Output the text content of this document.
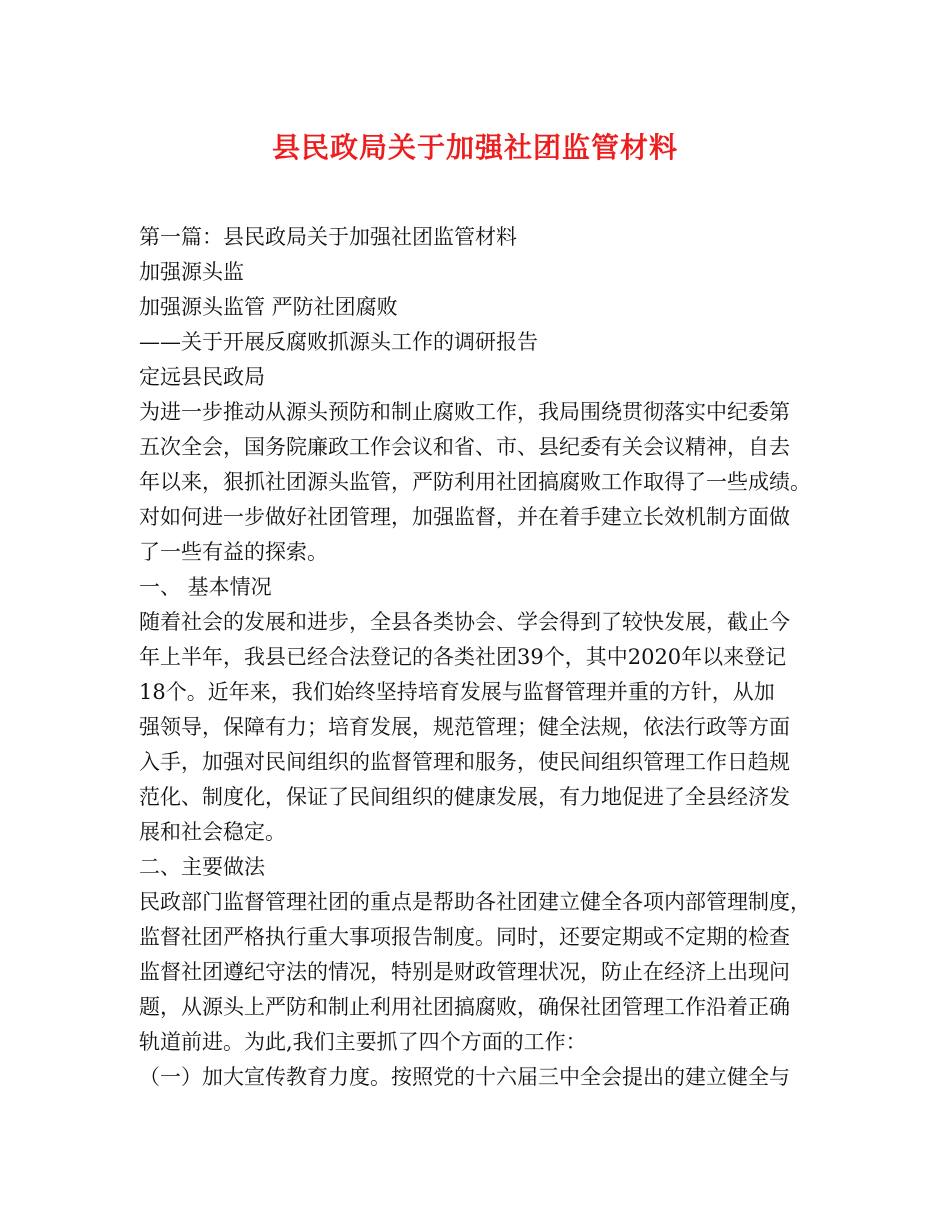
县民政局关于加强社团监管材料
第一篇：县民政局关于加强社团监管材料
加强源头监
加强源头监管 严防社团腐败
——关于开展反腐败抓源头工作的调研报告
定远县民政局
为进一步推动从源头预防和制止腐败工作，我局围绕贯彻落实中纪委第
五次全会，国务院廉政工作会议和省、市、县纪委有关会议精神，自去
年以来，狠抓社团源头监管，严防利用社团搞腐败工作取得了一些成绩。
对如何进一步做好社团管理，加强监督，并在着手建立长效机制方面做
了一些有益的探索。
一、 基本情况
随着社会的发展和进步，全县各类协会、学会得到了较快发展，截止今
年上半年，我县已经合法登记的各类社团39个，其中2020年以来登记
18个。近年来，我们始终坚持培育发展与监督管理并重的方针，从加
强领导，保障有力；培育发展，规范管理；健全法规，依法行政等方面
入手，加强对民间组织的监督管理和服务，使民间组织管理工作日趋规
范化、制度化，保证了民间组织的健康发展，有力地促进了全县经济发
展和社会稳定。
二、主要做法
民政部门监督管理社团的重点是帮助各社团建立健全各项内部管理制度，
监督社团严格执行重大事项报告制度。同时，还要定期或不定期的检查
监督社团遵纪守法的情况，特别是财政管理状况，防止在经济上出现问
题，从源头上严防和制止利用社团搞腐败，确保社团管理工作沿着正确
轨道前进。为此,我们主要抓了四个方面的工作：
（一）加大宣传教育力度。按照党的十六届三中全会提出的建立健全与
